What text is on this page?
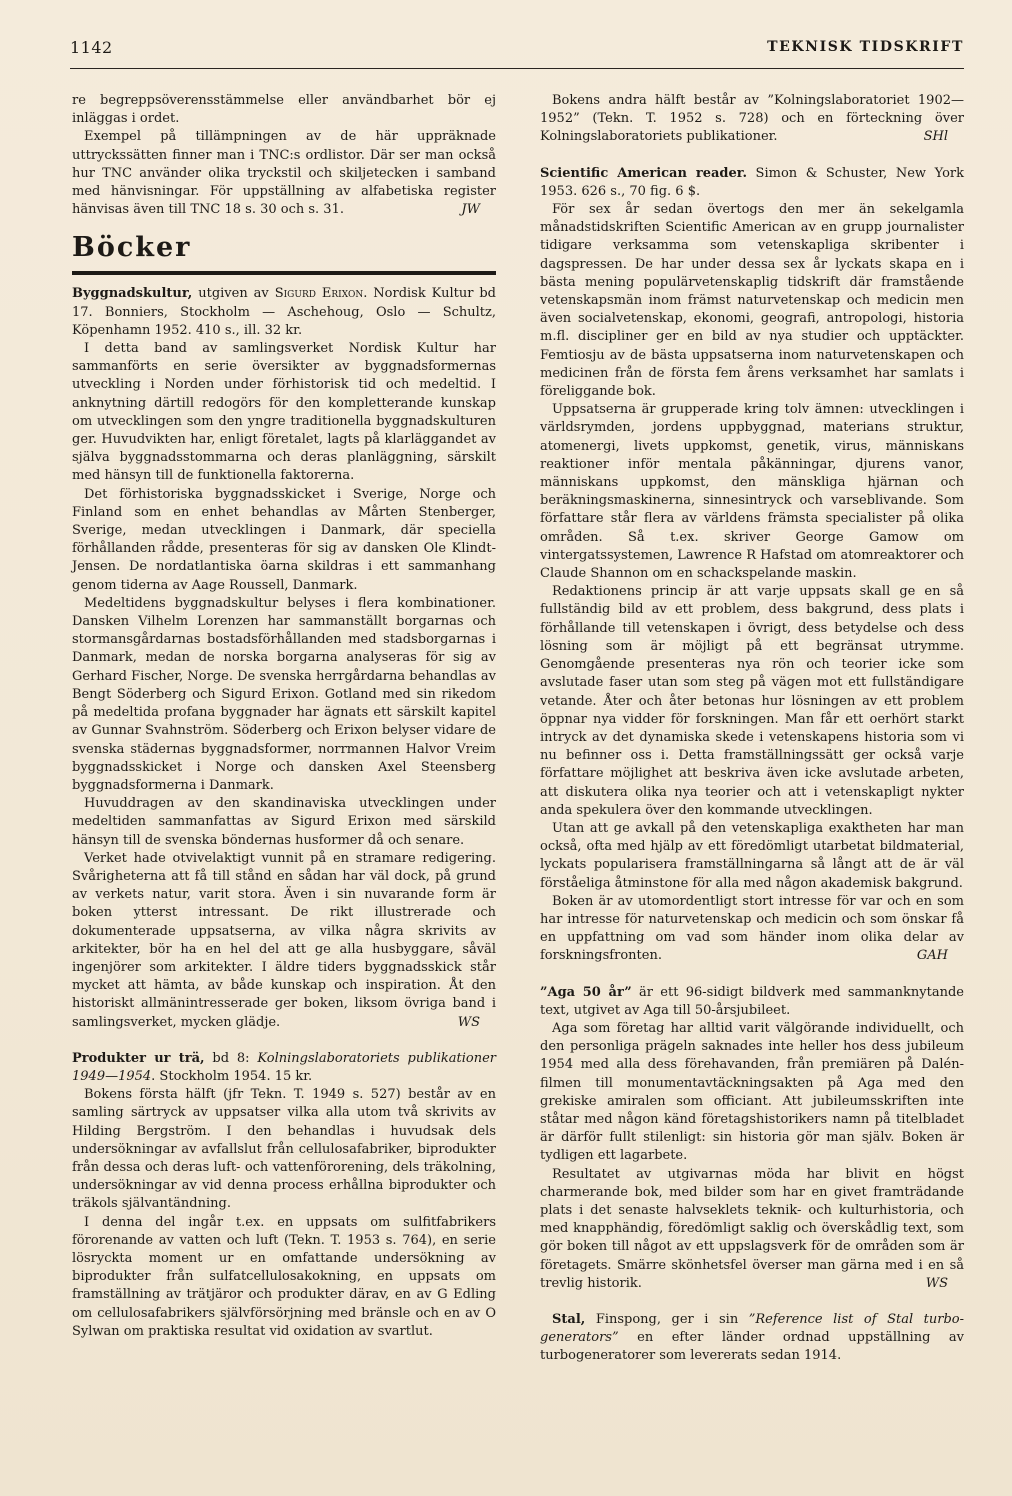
1142	TEKNISK TIDSKRIFT

re begreppsöverensstämmelse eller användbarhet bör ej inläggas i ordet.

Exempel på tillämpningen av de här uppräknade uttryckssätten finner man i TNC:s ordlistor. Där ser man också hur TNC använder olika tryckstil och skiljetecken i samband med hänvisningar. För uppställning av alfabetiska register hänvisas även till TNC 18 s. 30 och s. 31.	JW

Böcker

Byggnadskultur, utgiven av Sigurd Erixon. Nordisk Kultur bd 17. Bonniers, Stockholm — Aschehoug, Oslo — Schultz, Köpenhamn 1952. 410 s., ill. 32 kr.

I detta band av samlingsverket Nordisk Kultur har sammanförts en serie översikter av byggnadsformernas utveckling i Norden under förhistorisk tid och medeltid. I anknytning därtill redogörs för den kompletterande kunskap om utvecklingen som den yngre traditionella byggnadskulturen ger. Huvudvikten har, enligt företalet, lagts på klarläggandet av själva byggnadsstommarna och deras planläggning, särskilt med hänsyn till de funktionella faktorerna.

Det förhistoriska byggnadsskicket i Sverige, Norge och Finland som en enhet behandlas av Mårten Stenberger, Sverige, medan utvecklingen i Danmark, där speciella förhållanden rådde, presenteras för sig av dansken Ole Klindt-Jensen. De nordatlantiska öarna skildras i ett sammanhang genom tiderna av Aage Roussell, Danmark.

Medeltidens byggnadskultur belyses i flera kombinationer. Dansken Vilhelm Lorenzen har sammanställt borgarnas och stormansgårdarnas bostadsförhållanden med stadsborgarnas i Danmark, medan de norska borgarna analyseras för sig av Gerhard Fischer, Norge. De svenska herrgårdarna behandlas av Bengt Söderberg och Sigurd Erixon. Gotland med sin rikedom på medeltida profana byggnader har ägnats ett särskilt kapitel av Gunnar Svahnström. Söderberg och Erixon belyser vidare de svenska städernas byggnadsformer, norrmannen Halvor Vreim byggnadsskicket i Norge och dansken Axel Steensberg byggnadsformerna i Danmark.

Huvuddragen av den skandinaviska utvecklingen under medeltiden sammanfattas av Sigurd Erixon med särskild hänsyn till de svenska böndernas husformer då och senare.

Verket hade otvivelaktigt vunnit på en stramare redigering. Svårigheterna att få till stånd en sådan har väl dock, på grund av verkets natur, varit stora. Även i sin nuvarande form är boken ytterst intressant. De rikt illustrerade och dokumenterade uppsatserna, av vilka några skrivits av arkitekter, bör ha en hel del att ge alla husbyggare, såväl ingenjörer som arkitekter. I äldre tiders byggnadsskick står mycket att hämta, av både kunskap och inspiration. Åt den historiskt allmänintresserade ger boken, liksom övriga band i samlingsverket, mycken glädje.	WS

Produkter ur trä, bd 8: Kolningslaboratoriets publikationer 1949—1954. Stockholm 1954. 15 kr.

Bokens första hälft (jfr Tekn. T. 1949 s. 527) består av en samling särtryck av uppsatser vilka alla utom två skrivits av Hilding Bergström. I den behandlas i huvudsak dels undersökningar av avfallslut från cellulosafabriker, biprodukter från dessa och deras luft- och vattenförorening, dels träkolning, undersökningar av vid denna process erhållna biprodukter och träkols självantändning.

I denna del ingår t.ex. en uppsats om sulfitfabrikers förorenande av vatten och luft (Tekn. T. 1953 s. 764), en serie lösryckta moment ur en omfattande undersökning av biprodukter från sulfatcellulosakokning, en uppsats om framställning av trätjäror och produkter därav, en av G Edling om cellulosafabrikers självförsörjning med bränsle och en av O Sylwan om praktiska resultat vid oxidation av svartlut.

Bokens andra hälft består av ”Kolningslaboratoriet 1902—1952” (Tekn. T. 1952 s. 728) och en förteckning över Kolningslaboratoriets publikationer.	SHl

Scientific American reader. Simon & Schuster, New York 1953. 626 s., 70 fig. 6 $.

För sex år sedan övertogs den mer än sekelgamla månadstidskriften Scientific American av en grupp journalister tidigare verksamma som vetenskapliga skribenter i dagspressen. De har under dessa sex år lyckats skapa en i bästa mening populärvetenskaplig tidskrift där framstående vetenskapsmän inom främst naturvetenskap och medicin men även socialvetenskap, ekonomi, geografi, antropologi, historia m.fl. discipliner ger en bild av nya studier och upptäckter. Femtiosju av de bästa uppsatserna inom naturvetenskapen och medicinen från de första fem årens verksamhet har samlats i föreliggande bok.

Uppsatserna är grupperade kring tolv ämnen: utvecklingen i världsrymden, jordens uppbyggnad, materians struktur, atomenergi, livets uppkomst, genetik, virus, människans reaktioner inför mentala påkänningar, djurens vanor, människans uppkomst, den mänskliga hjärnan och beräkningsmaskinerna, sinnesintryck och varseblivande. Som författare står flera av världens främsta specialister på olika områden. Så t.ex. skriver George Gamow om vintergatssystemen, Lawrence R Hafstad om atomreaktorer och Claude Shannon om en schackspelande maskin.

Redaktionens princip är att varje uppsats skall ge en så fullständig bild av ett problem, dess bakgrund, dess plats i förhållande till vetenskapen i övrigt, dess betydelse och dess lösning som är möjligt på ett begränsat utrymme. Genomgående presenteras nya rön och teorier icke som avslutade faser utan som steg på vägen mot ett fullständigare vetande. Åter och åter betonas hur lösningen av ett problem öppnar nya vidder för forskningen. Man får ett oerhört starkt intryck av det dynamiska skede i vetenskapens historia som vi nu befinner oss i. Detta framställningssätt ger också varje författare möjlighet att beskriva även icke avslutade arbeten, att diskutera olika nya teorier och att i vetenskapligt nykter anda spekulera över den kommande utvecklingen.

Utan att ge avkall på den vetenskapliga exaktheten har man också, ofta med hjälp av ett föredömligt utarbetat bildmaterial, lyckats popularisera framställningarna så långt att de är väl förståeliga åtminstone för alla med någon akademisk bakgrund.

Boken är av utomordentligt stort intresse för var och en som har intresse för naturvetenskap och medicin och som önskar få en uppfattning om vad som händer inom olika delar av forskningsfronten.	GAH

”Aga 50 år” är ett 96-sidigt bildverk med sammanknytande text, utgivet av Aga till 50-årsjubileet.

Aga som företag har alltid varit välgörande individuellt, och den personliga prägeln saknades inte heller hos dess jubileum 1954 med alla dess förehavanden, från premiären på Dalén-filmen till monumentavtäckningsakten på Aga med den grekiske amiralen som officiant. Att jubileumsskriften inte ståtar med någon känd företagshistorikers namn på titelbladet är därför fullt stilenligt: sin historia gör man själv. Boken är tydligen ett lagarbete.

Resultatet av utgivarnas möda har blivit en högst charmerande bok, med bilder som har en givet framträdande plats i det senaste halvseklets teknik- och kulturhistoria, och med knapphändig, föredömligt saklig och överskådlig text, som gör boken till något av ett uppslagsverk för de områden som är företagets. Smärre skönhetsfel överser man gärna med i en så trevlig historik.	WS

Stal, Finspong, ger i sin ”Reference list of Stal turbo-generators” en efter länder ordnad uppställning av turbogeneratorer som levererats sedan 1914.
